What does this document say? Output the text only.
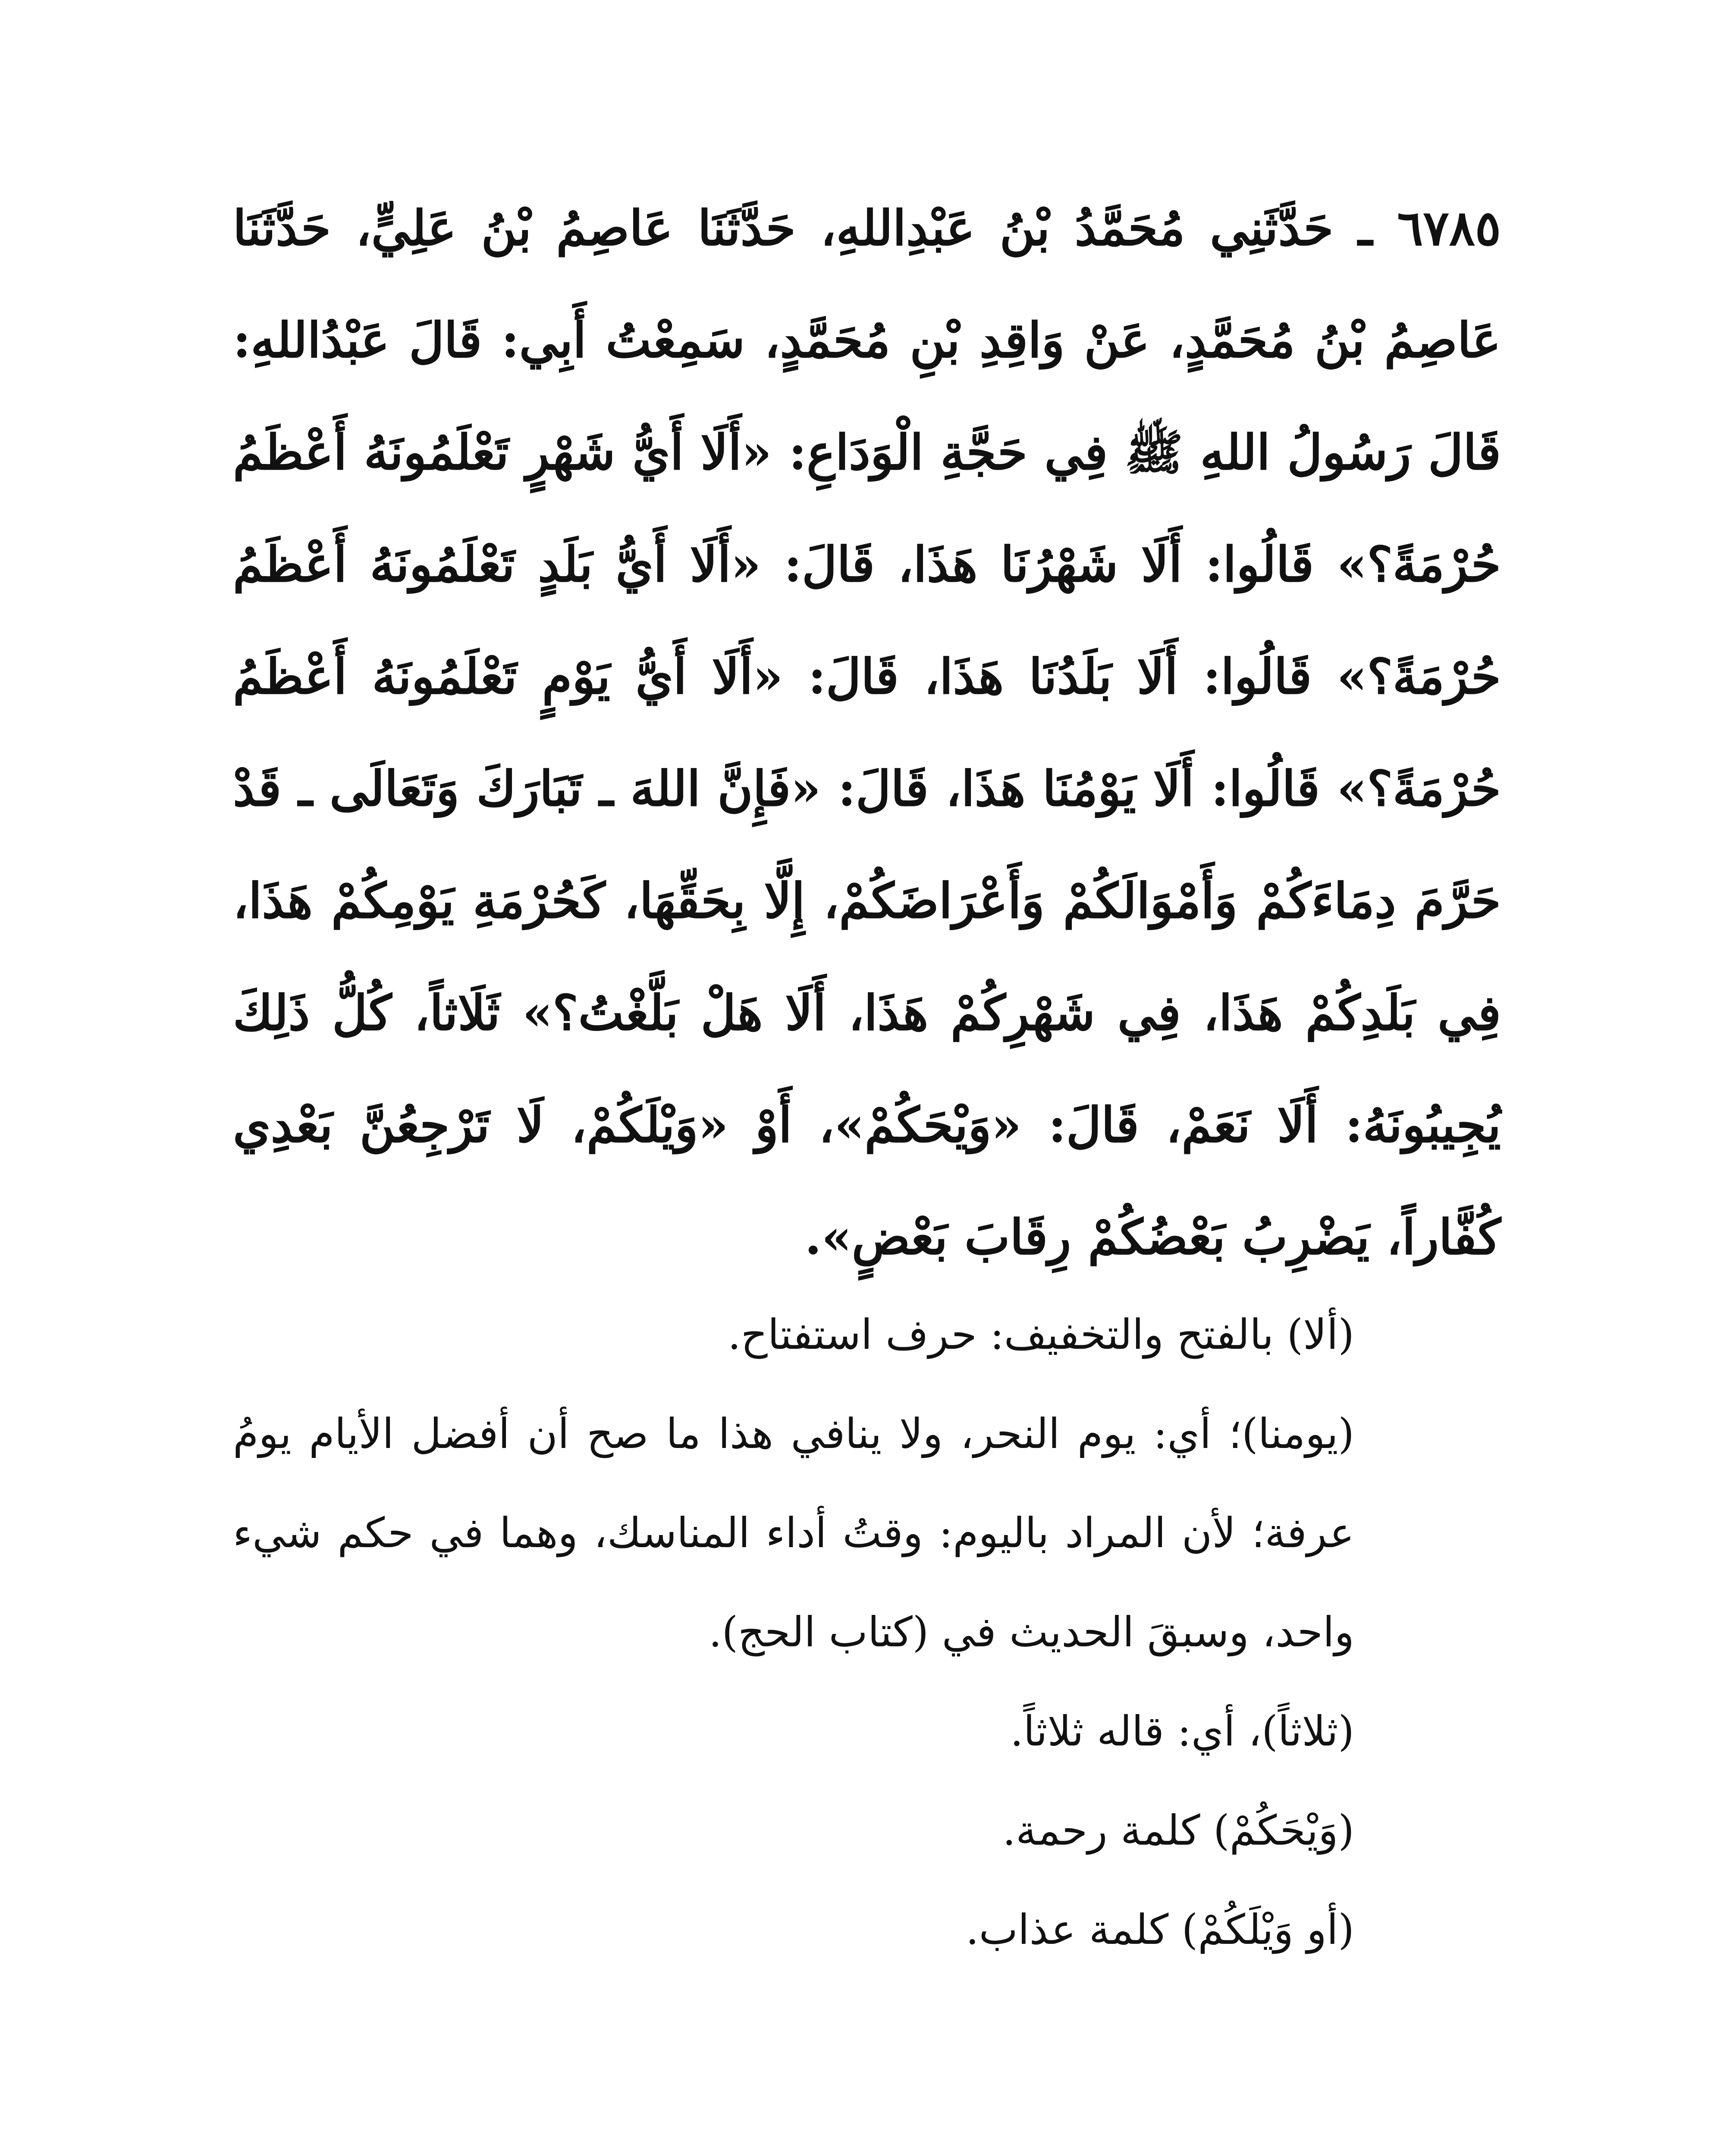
٦٧٨٥ ـ حَدَّثَنِي مُحَمَّدُ بْنُ عَبْدِاللهِ، حَدَّثَنَا عَاصِمُ بْنُ عَلِيٍّ، حَدَّثَنَا عَاصِمُ بْنُ مُحَمَّدٍ، عَنْ وَاقِدِ بْنِ مُحَمَّدٍ، سَمِعْتُ أَبِي: قَالَ عَبْدُاللهِ: قَالَ رَسُولُ اللهِ ﷺ فِي حَجَّةِ الْوَدَاعِ: «أَلَا أَيُّ شَهْرٍ تَعْلَمُونَهُ أَعْظَمُ حُرْمَةً؟» قَالُوا: أَلَا شَهْرُنَا هَذَا، قَالَ: «أَلَا أَيُّ بَلَدٍ تَعْلَمُونَهُ أَعْظَمُ حُرْمَةً؟» قَالُوا: أَلَا بَلَدُنَا هَذَا، قَالَ: «أَلَا أَيُّ يَوْمٍ تَعْلَمُونَهُ أَعْظَمُ حُرْمَةً؟» قَالُوا: أَلَا يَوْمُنَا هَذَا، قَالَ: «فَإِنَّ اللهَ ـ تَبَارَكَ وَتَعَالَى ـ قَدْ حَرَّمَ دِمَاءَكُمْ وَأَمْوَالَكُمْ وَأَعْرَاضَكُمْ، إِلَّا بِحَقِّهَا، كَحُرْمَةِ يَوْمِكُمْ هَذَا، فِي بَلَدِكُمْ هَذَا، فِي شَهْرِكُمْ هَذَا، أَلَا هَلْ بَلَّغْتُ؟» ثَلَاثاً، كُلُّ ذَلِكَ يُجِيبُونَهُ: أَلَا نَعَمْ، قَالَ: «وَيْحَكُمْ»، أَوْ «وَيْلَكُمْ، لَا تَرْجِعُنَّ بَعْدِي كُفَّاراً، يَضْرِبُ بَعْضُكُمْ رِقَابَ بَعْضٍ».

(ألا) بالفتح والتخفيف: حرف استفتاح.

(يومنا)؛ أي: يوم النحر، ولا ينافي هذا ما صح أن أفضل الأيام يومُ عرفة؛ لأن المراد باليوم: وقتُ أداء المناسك، وهما في حكم شيء واحد، وسبقَ الحديث في (كتاب الحج).

(ثلاثاً)، أي: قاله ثلاثاً.

(وَيْحَكُمْ) كلمة رحمة.

(أو وَيْلَكُمْ) كلمة عذاب.
